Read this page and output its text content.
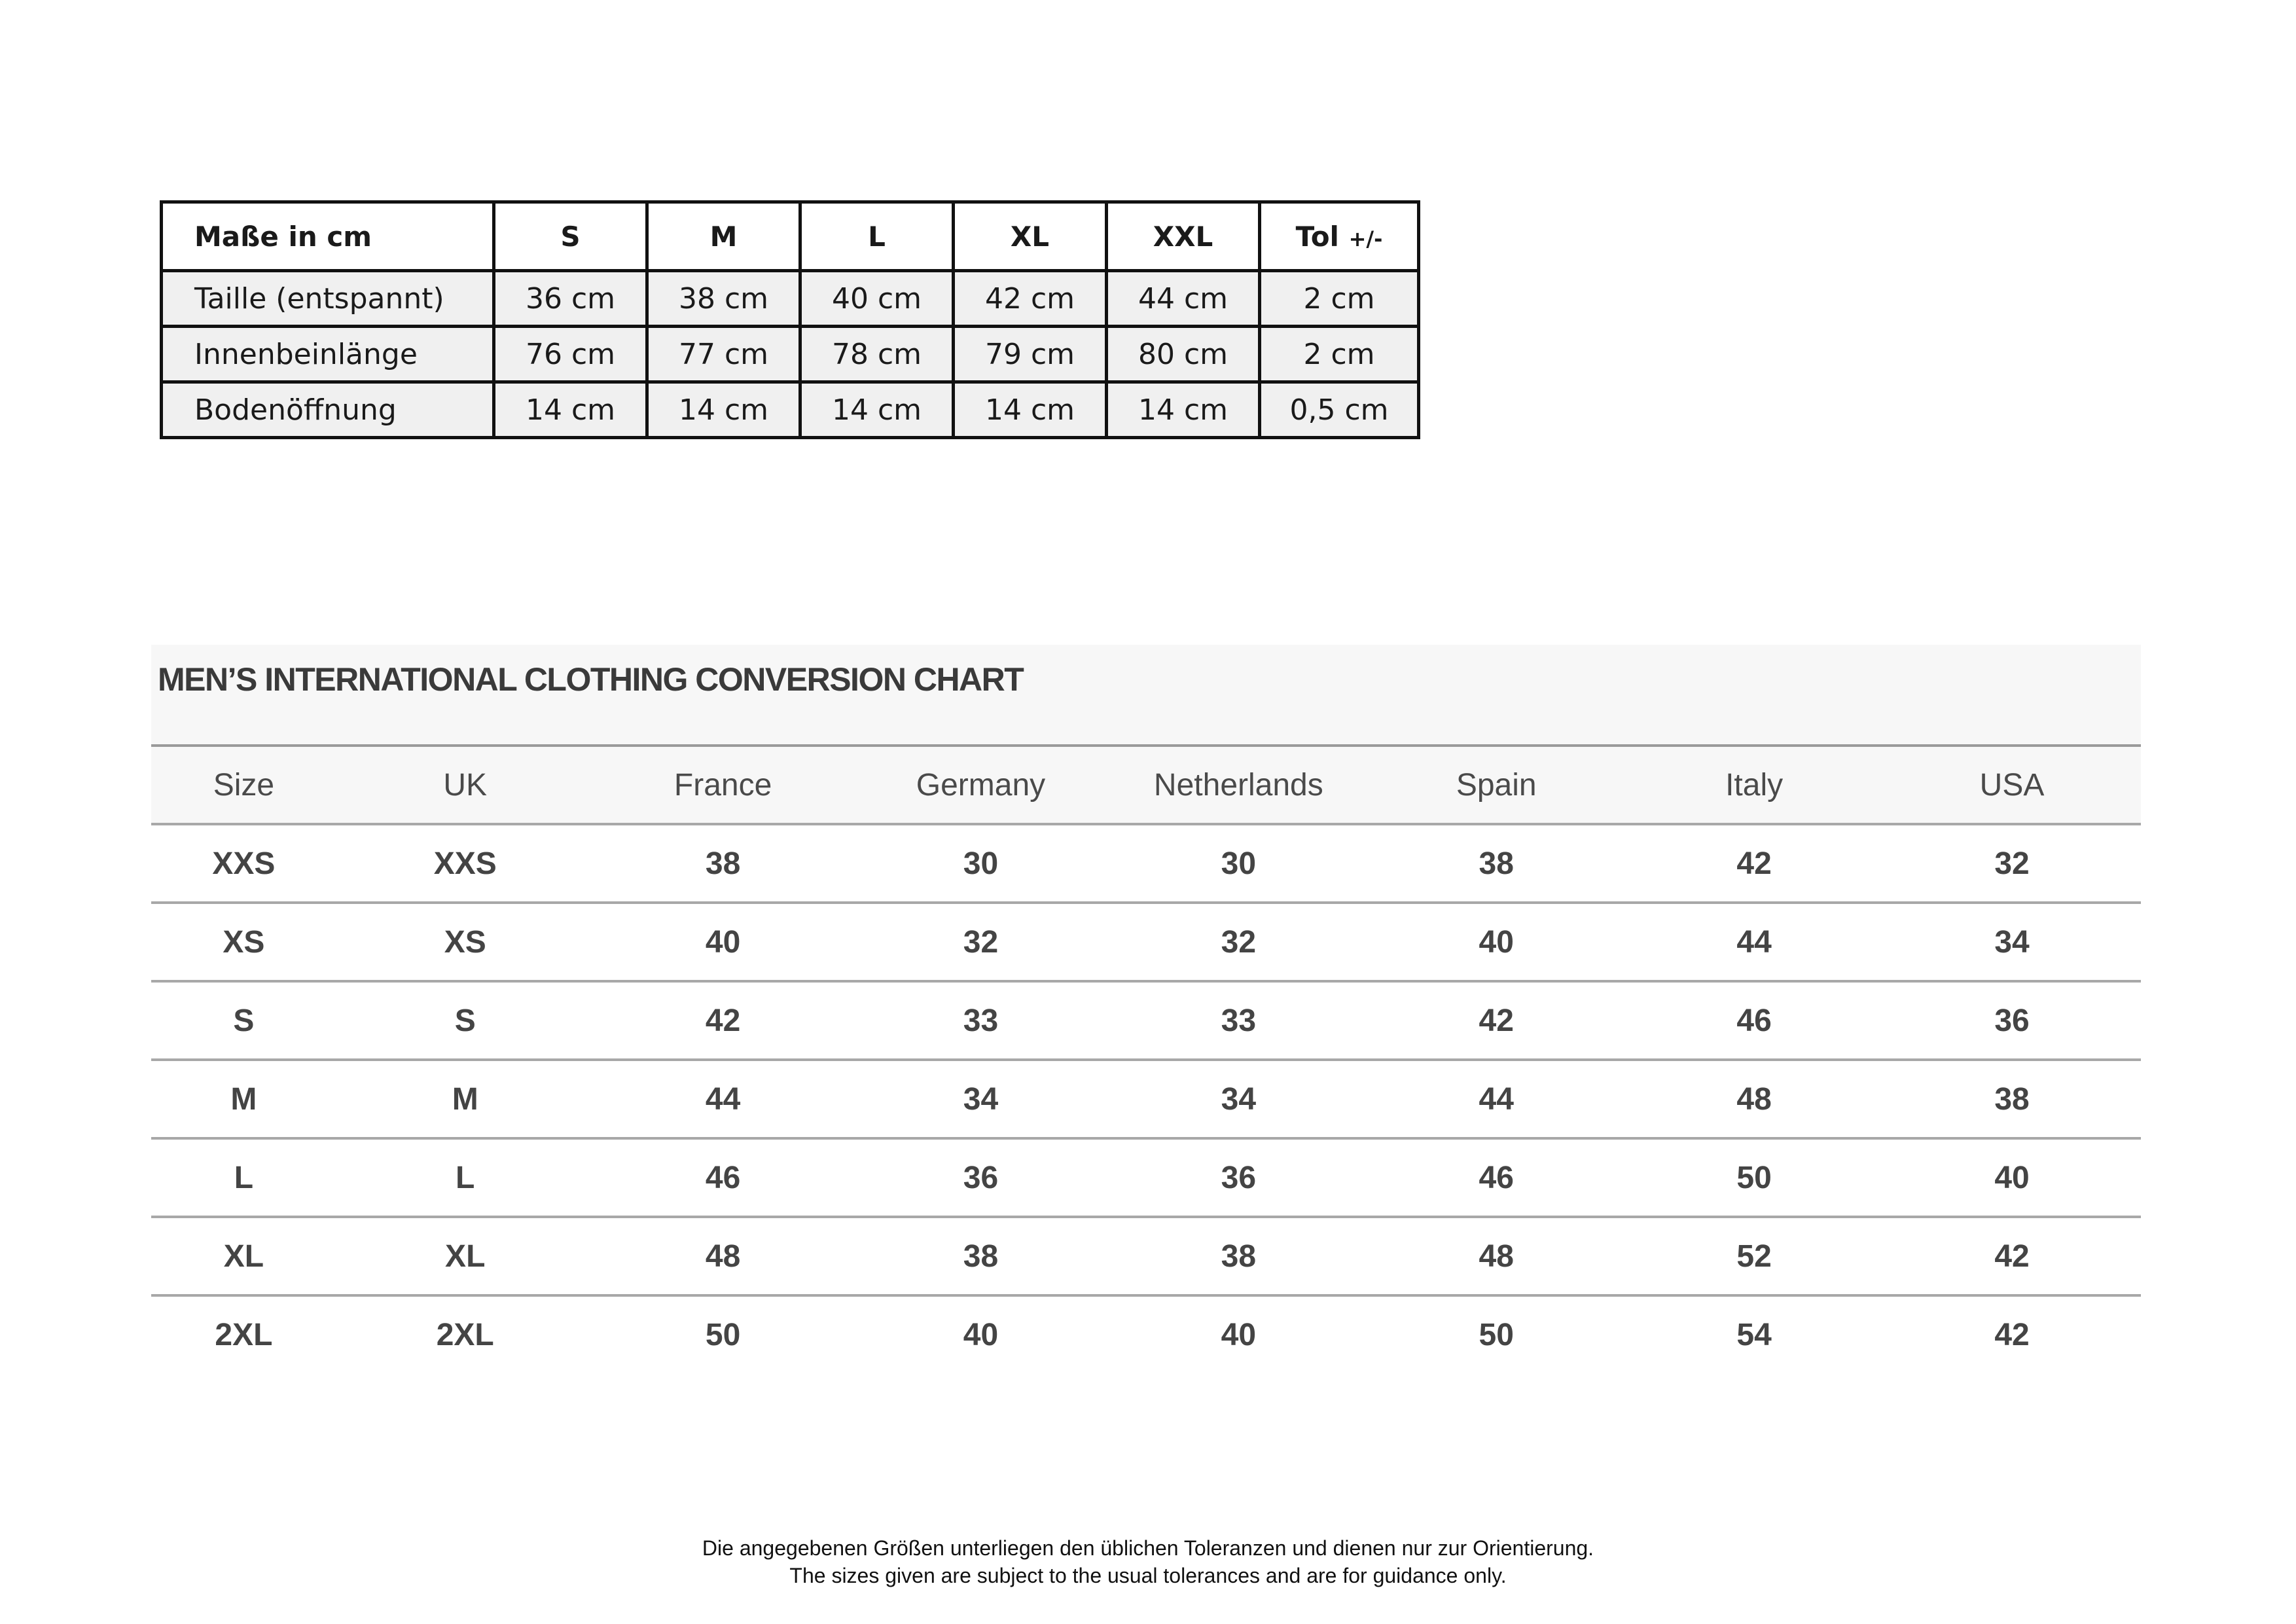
Maße in cm	S	M	L	XL	XXL	Tol +/-
Taille (entspannt)	36 cm	38 cm	40 cm	42 cm	44 cm	2 cm
Innenbeinlänge	76 cm	77 cm	78 cm	79 cm	80 cm	2 cm
Bodenöffnung	14 cm	14 cm	14 cm	14 cm	14 cm	0,5 cm
MEN’S INTERNATIONAL CLOTHING CONVERSION CHART
Size	UK	France	Germany	Netherlands	Spain	Italy	USA
XXS	XXS	38	30	30	38	42	32
XS	XS	40	32	32	40	44	34
S	S	42	33	33	42	46	36
M	M	44	34	34	44	48	38
L	L	46	36	36	46	50	40
XL	XL	48	38	38	48	52	42
2XL	2XL	50	40	40	50	54	42
Die angegebenen Größen unterliegen den üblichen Toleranzen und dienen nur zur Orientierung.
The sizes given are subject to the usual tolerances and are for guidance only.
